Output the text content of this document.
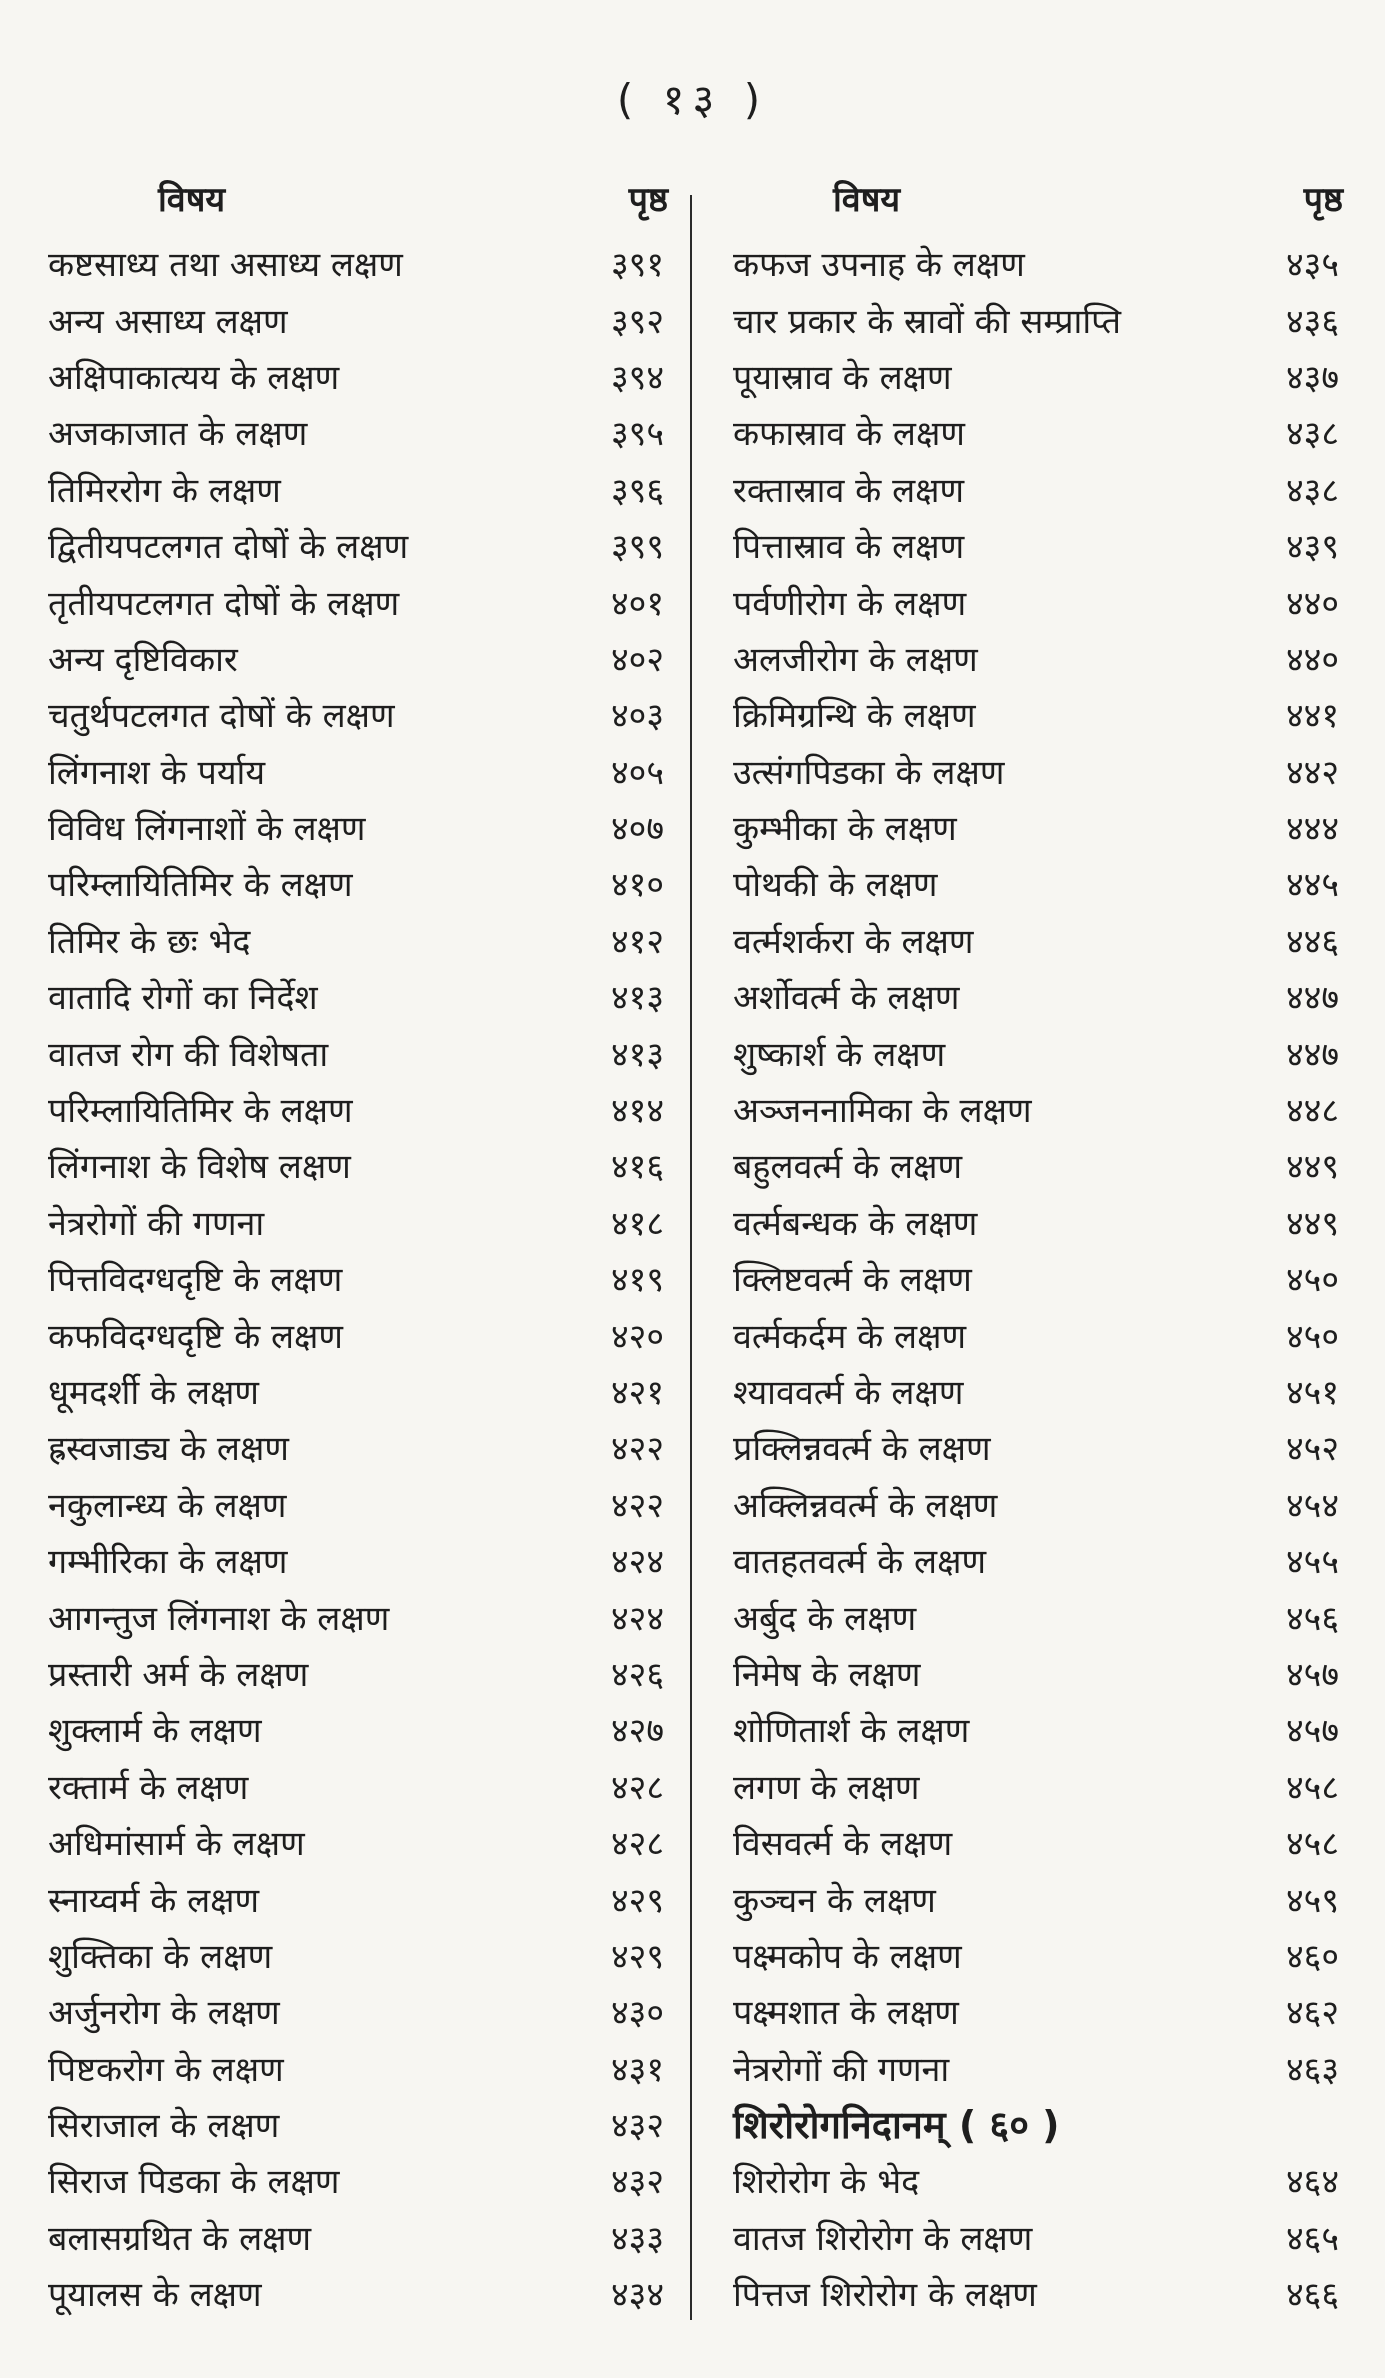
( १३ )
विषय	पृष्ठ
कष्टसाध्य तथा असाध्य लक्षण	३९१
अन्य असाध्य लक्षण	३९२
अक्षिपाकात्यय के लक्षण	३९४
अजकाजात के लक्षण	३९५
तिमिररोग के लक्षण	३९६
द्वितीयपटलगत दोषों के लक्षण	३९९
तृतीयपटलगत दोषों के लक्षण	४०१
अन्य दृष्टिविकार	४०२
चतुर्थपटलगत दोषों के लक्षण	४०३
लिंगनाश के पर्याय	४०५
विविध लिंगनाशों के लक्षण	४०७
परिम्लायितिमिर के लक्षण	४१०
तिमिर के छः भेद	४१२
वातादि रोगों का निर्देश	४१३
वातज रोग की विशेषता	४१३
परिम्लायितिमिर के लक्षण	४१४
लिंगनाश के विशेष लक्षण	४१६
नेत्ररोगों की गणना	४१८
पित्तविदग्धदृष्टि के लक्षण	४१९
कफविदग्धदृष्टि के लक्षण	४२०
धूमदर्शी के लक्षण	४२१
ह्रस्वजाड्य के लक्षण	४२२
नकुलान्ध्य के लक्षण	४२२
गम्भीरिका के लक्षण	४२४
आगन्तुज लिंगनाश के लक्षण	४२४
प्रस्तारी अर्म के लक्षण	४२६
शुक्लार्म के लक्षण	४२७
रक्तार्म के लक्षण	४२८
अधिमांसार्म के लक्षण	४२८
स्नाय्वर्म के लक्षण	४२९
शुक्तिका के लक्षण	४२९
अर्जुनरोग के लक्षण	४३०
पिष्टकरोग के लक्षण	४३१
सिराजाल के लक्षण	४३२
सिराज पिडका के लक्षण	४३२
बलासग्रथित के लक्षण	४३३
पूयालस के लक्षण	४३४
विषय	पृष्ठ
कफज उपनाह के लक्षण	४३५
चार प्रकार के स्रावों की सम्प्राप्ति	४३६
पूयास्राव के लक्षण	४३७
कफास्राव के लक्षण	४३८
रक्तास्राव के लक्षण	४३८
पित्तास्राव के लक्षण	४३९
पर्वणीरोग के लक्षण	४४०
अलजीरोग के लक्षण	४४०
क्रिमिग्रन्थि के लक्षण	४४१
उत्संगपिडका के लक्षण	४४२
कुम्भीका के लक्षण	४४४
पोथकी के लक्षण	४४५
वर्त्मशर्करा के लक्षण	४४६
अर्शोवर्त्म के लक्षण	४४७
शुष्कार्श के लक्षण	४४७
अञ्जननामिका के लक्षण	४४८
बहुलवर्त्म के लक्षण	४४९
वर्त्मबन्धक के लक्षण	४४९
क्लिष्टवर्त्म के लक्षण	४५०
वर्त्मकर्दम के लक्षण	४५०
श्याववर्त्म के लक्षण	४५१
प्रक्लिन्नवर्त्म के लक्षण	४५२
अक्लिन्नवर्त्म के लक्षण	४५४
वातहतवर्त्म के लक्षण	४५५
अर्बुद के लक्षण	४५६
निमेष के लक्षण	४५७
शोणितार्श के लक्षण	४५७
लगण के लक्षण	४५८
विसवर्त्म के लक्षण	४५८
कुञ्चन के लक्षण	४५९
पक्ष्मकोप के लक्षण	४६०
पक्ष्मशात के लक्षण	४६२
नेत्ररोगों की गणना	४६३
शिरोरोगनिदानम् ( ६० )
शिरोरोग के भेद	४६४
वातज शिरोरोग के लक्षण	४६५
पित्तज शिरोरोग के लक्षण	४६६
